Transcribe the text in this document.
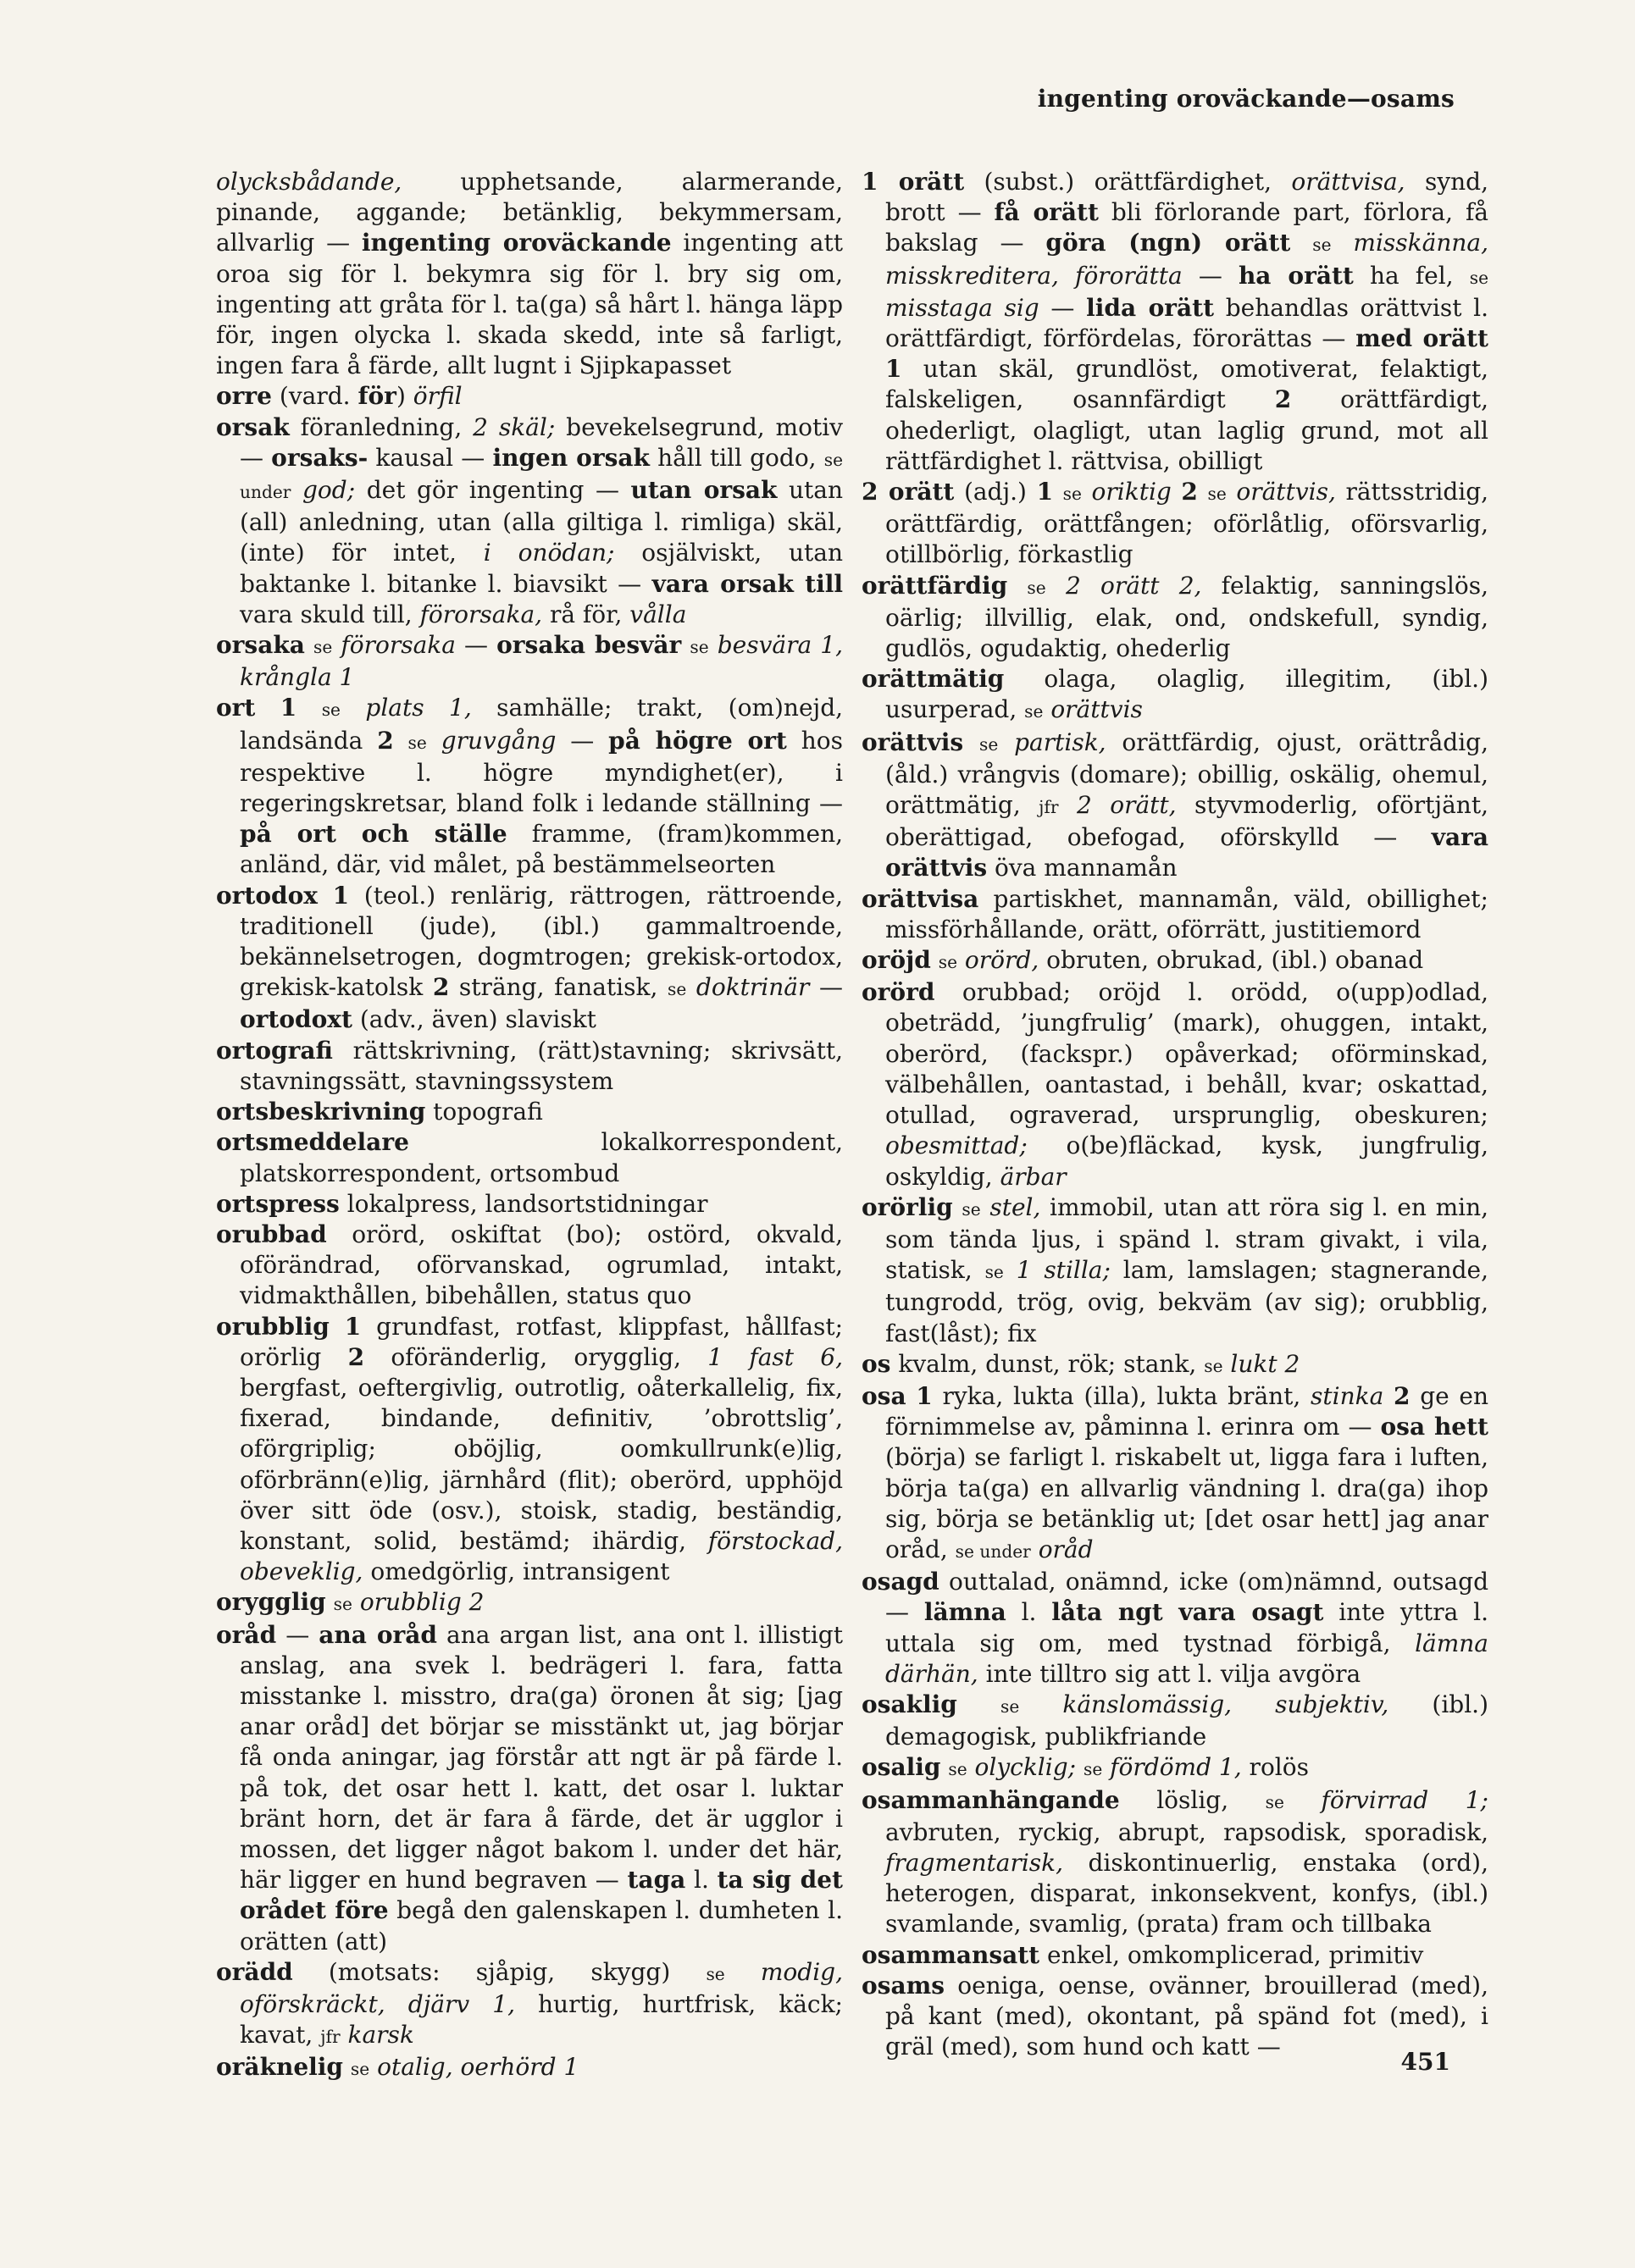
ingenting oroväckande—osams

olycksbådande, upphetsande, alarmerande, pinande, aggande; betänklig, bekymmersam, allvarlig — ingenting oroväckande ingenting att oroa sig för l. bekymra sig för l. bry sig om, ingenting att gråta för l. ta(ga) så hårt l. hänga läpp för, ingen olycka l. skada skedd, inte så farligt, ingen fara å färde, allt lugnt i Sjipkapasset

orre (vard. för) örfil

orsak föranledning, 2 skäl; bevekelsegrund, motiv — orsaks- kausal — ingen orsak håll till godo, se under god; det gör ingenting — utan orsak utan (all) anledning, utan (alla giltiga l. rimliga) skäl, (inte) för intet, i onödan; osjälviskt, utan baktanke l. bitanke l. biavsikt — vara orsak till vara skuld till, förorsaka, rå för, vålla

orsaka se förorsaka — orsaka besvär se besvära 1, krångla 1

ort 1 se plats 1, samhälle; trakt, (om)nejd, landsända 2 se gruvgång — på högre ort hos respektive l. högre myndighet(er), i regeringskretsar, bland folk i ledande ställning — på ort och ställe framme, (fram)kommen, anländ, där, vid målet, på bestämmelseorten

ortodox 1 (teol.) renlärig, rättrogen, rättroende, traditionell (jude), (ibl.) gammaltroende, bekännelsetrogen, dogmtrogen; grekisk-ortodox, grekisk-katolsk 2 sträng, fanatisk, se doktrinär — ortodoxt (adv., även) slaviskt

ortografi rättskrivning, (rätt)stavning; skrivsätt, stavningssätt, stavningssystem

ortsbeskrivning topografi

ortsmeddelare lokalkorrespondent, platskorrespondent, ortsombud

ortspress lokalpress, landsortstidningar

orubbad orörd, oskiftat (bo); ostörd, okvald, oförändrad, oförvanskad, ogrumlad, intakt, vidmakthållen, bibehållen, status quo

orubblig 1 grundfast, rotfast, klippfast, hållfast; orörlig 2 oföränderlig, orygglig, 1 fast 6, bergfast, oeftergivlig, outrotlig, oåterkallelig, fix, fixerad, bindande, definitiv, ’obrottslig’, oförgriplig; oböjlig, oomkullrunk(e)lig, oförbränn(e)lig, järnhård (flit); oberörd, upphöjd över sitt öde (osv.), stoisk, stadig, beständig, konstant, solid, bestämd; ihärdig, förstockad, obeveklig, omedgörlig, intransigent

orygglig se orubblig 2

oråd — ana oråd ana argan list, ana ont l. illistigt anslag, ana svek l. bedrägeri l. fara, fatta misstanke l. misstro, dra(ga) öronen åt sig; [jag anar oråd] det börjar se misstänkt ut, jag börjar få onda aningar, jag förstår att ngt är på färde l. på tok, det osar hett l. katt, det osar l. luktar bränt horn, det är fara å färde, det är ugglor i mossen, det ligger något bakom l. under det här, här ligger en hund begraven — taga l. ta sig det orådet före begå den galenskapen l. dumheten l. orätten (att)

orädd (motsats: sjåpig, skygg) se modig, oförskräckt, djärv 1, hurtig, hurtfrisk, käck; kavat, jfr karsk

oräknelig se otalig, oerhörd 1

1 orätt (subst.) orättfärdighet, orättvisa, synd, brott — få orätt bli förlorande part, förlora, få bakslag — göra (ngn) orätt se misskänna, misskreditera, förorätta — ha orätt ha fel, se misstaga sig — lida orätt behandlas orättvist l. orättfärdigt, förfördelas, förorättas — med orätt 1 utan skäl, grundlöst, omotiverat, felaktigt, falskeligen, osannfärdigt 2 orättfärdigt, ohederligt, olagligt, utan laglig grund, mot all rättfärdighet l. rättvisa, obilligt

2 orätt (adj.) 1 se oriktig 2 se orättvis, rättsstridig, orättfärdig, orättfången; oförlåtlig, oförsvarlig, otillbörlig, förkastlig

orättfärdig se 2 orätt 2, felaktig, sanningslös, oärlig; illvillig, elak, ond, ondskefull, syndig, gudlös, ogudaktig, ohederlig

orättmätig olaga, olaglig, illegitim, (ibl.) usurperad, se orättvis

orättvis se partisk, orättfärdig, ojust, orättrådig, (åld.) vrångvis (domare); obillig, oskälig, ohemul, orättmätig, jfr 2 orätt, styvmoderlig, oförtjänt, oberättigad, obefogad, oförskylld — vara orättvis öva mannamån

orättvisa partiskhet, mannamån, väld, obillighet; missförhållande, orätt, oförrätt, justitiemord

oröjd se orörd, obruten, obrukad, (ibl.) obanad

orörd orubbad; oröjd l. orödd, o(upp)odlad, obeträdd, ’jungfrulig’ (mark), ohuggen, intakt, oberörd, (fackspr.) opåverkad; oförminskad, välbehållen, oantastad, i behåll, kvar; oskattad, otullad, ograverad, ursprunglig, obeskuren; obesmittad; o(be)fläckad, kysk, jungfrulig, oskyldig, ärbar

orörlig se stel, immobil, utan att röra sig l. en min, som tända ljus, i spänd l. stram givakt, i vila, statisk, se 1 stilla; lam, lamslagen; stagnerande, tungrodd, trög, ovig, bekväm (av sig); orubblig, fast(låst); fix

os kvalm, dunst, rök; stank, se lukt 2

osa 1 ryka, lukta (illa), lukta bränt, stinka 2 ge en förnimmelse av, påminna l. erinra om — osa hett (börja) se farligt l. riskabelt ut, ligga fara i luften, börja ta(ga) en allvarlig vändning l. dra(ga) ihop sig, börja se betänklig ut; [det osar hett] jag anar oråd, se under oråd

osagd outtalad, onämnd, icke (om)nämnd, outsagd — lämna l. låta ngt vara osagt inte yttra l. uttala sig om, med tystnad förbigå, lämna därhän, inte tilltro sig att l. vilja avgöra

osaklig	se känslomässig, subjektiv, (ibl.) demagogisk, publikfriande

osalig se olycklig; se fördömd 1, rolös

osammanhängande löslig, se förvirrad 1; avbruten, ryckig, abrupt, rapsodisk, sporadisk, fragmentarisk, diskontinuerlig, enstaka (ord), heterogen, disparat, inkonsekvent, konfys, (ibl.) svamlande, svamlig, (prata) fram och tillbaka

osammansatt enkel, omkomplicerad, primitiv

osams oeniga, oense, ovänner, brouillerad (med), på kant (med), okontant, på spänd fot (med), i gräl (med), som hund och katt —

451
